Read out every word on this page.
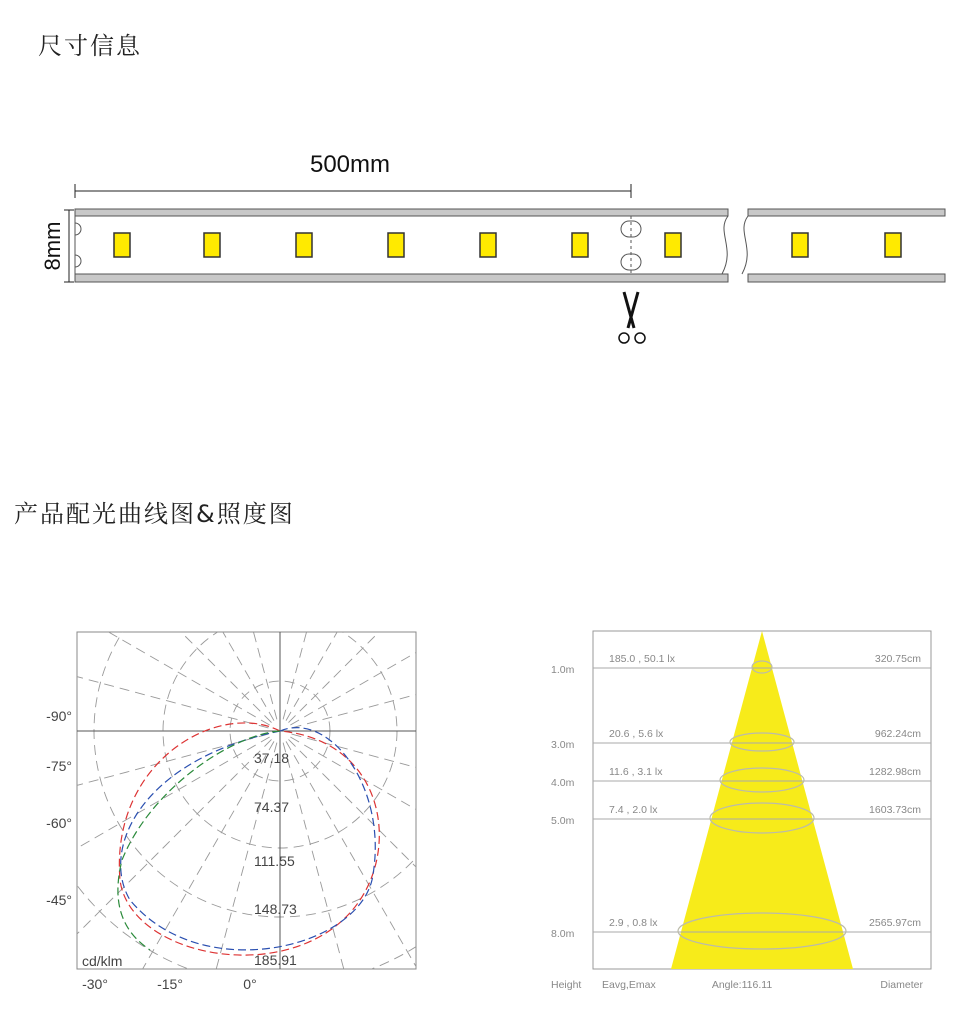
尺寸信息
产品配光曲线图&照度图
500mm
8mm
37.18
74.37
111.55
148.73
185.91
-90°
-75°
-60°
-45°
-30°	-15°	0°
cd/klm
1.0m
185.0 , 50.1 lx	320.75cm
3.0m
20.6 , 5.6 lx	962.24cm
4.0m
11.6 , 3.1 lx	1282.98cm
5.0m
7.4 , 2.0 lx	1603.73cm
8.0m
2.9 , 0.8 lx	2565.97cm
Height Eavg,Emax	Angle:116.11	Diameter
